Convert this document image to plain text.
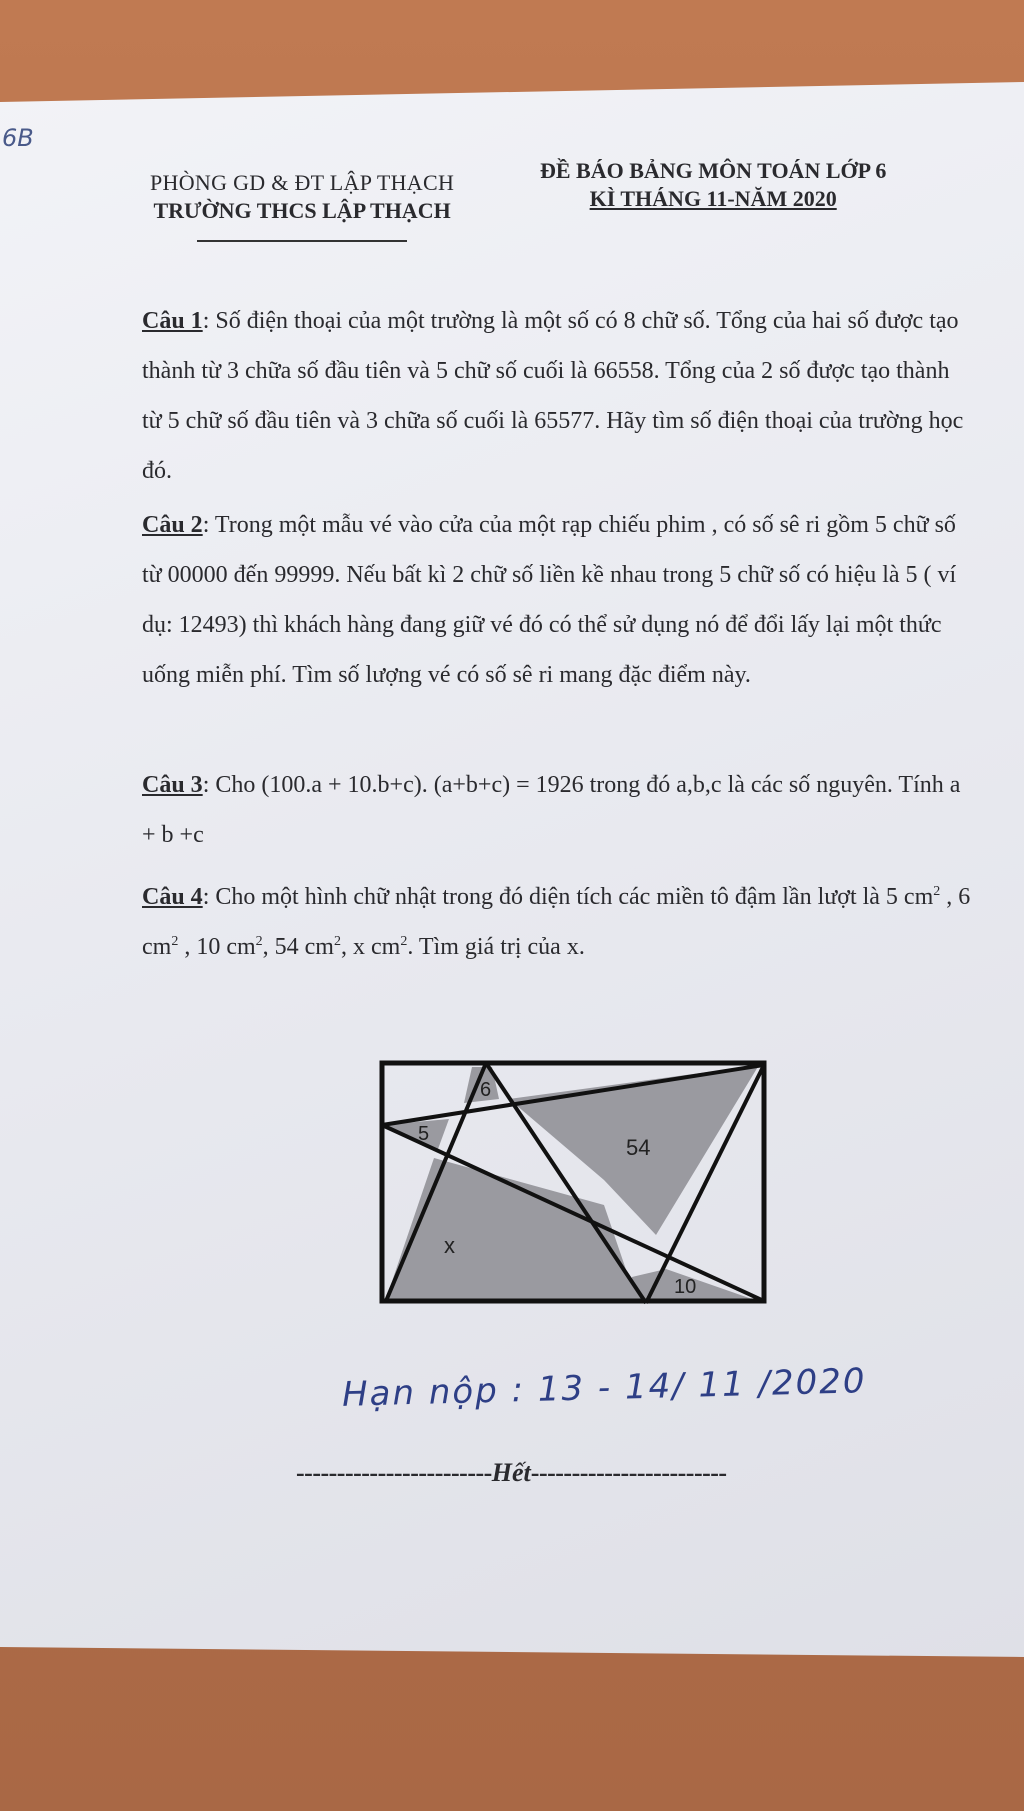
6B
PHÒNG GD & ĐT LẬP THẠCH
TRƯỜNG THCS LẬP THẠCH
ĐỀ BÁO BẢNG MÔN TOÁN LỚP 6
KÌ THÁNG 11-NĂM 2020
Câu 1: Số điện thoại của một trường là một số có 8 chữ số. Tổng của hai số được tạo thành từ 3 chữa số đầu tiên và 5 chữ số cuối là 66558. Tổng của 2 số được tạo thành từ 5 chữ số đầu tiên và 3 chữa số cuối là 65577. Hãy tìm số điện thoại của trường học đó.
Câu 2: Trong một mẫu vé vào cửa của một rạp chiếu phim , có số sê ri gồm 5 chữ số từ 00000 đến 99999. Nếu bất kì 2 chữ số liền kề nhau trong 5 chữ số có hiệu là 5 ( ví dụ: 12493) thì khách hàng đang giữ vé đó có thể sử dụng nó để đổi lấy lại một thức uống miễn phí. Tìm số lượng vé có số sê ri mang đặc điểm này.
Câu 3: Cho (100.a + 10.b+c). (a+b+c) = 1926 trong đó a,b,c là các số nguyên. Tính a + b +c
Câu 4: Cho một hình chữ nhật trong đó diện tích các miền tô đậm lần lượt là 5 $cm^2$ , 6 $cm^2$ , 10 $cm^2$, 54 $cm^2$, x $cm^2$. Tìm giá trị của x.
6
5
54
x
10
Hạn nộp : 13 - 14/ 11 /2020
------------------------Hết------------------------
